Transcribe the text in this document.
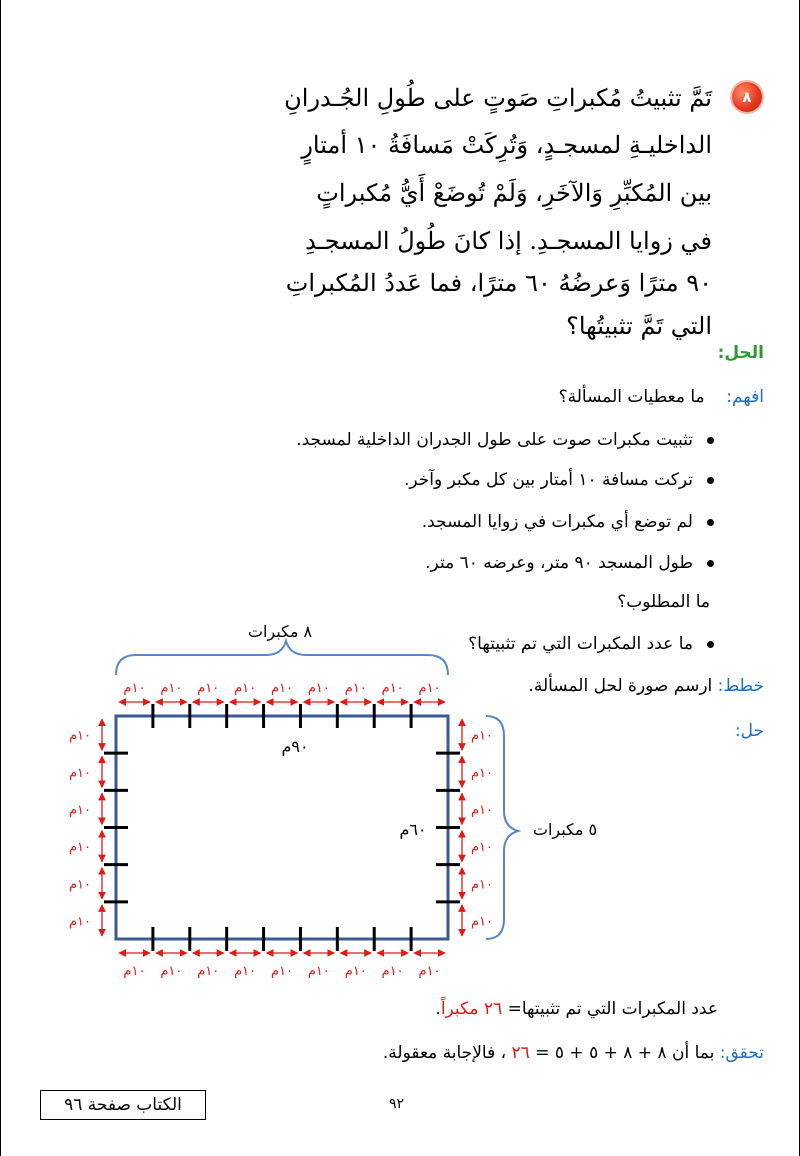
٨
تَمَّ تثبيتُ مُكبراتِ صَوتٍ على طُولِ الجُـدرانِ
الداخليـةِ لمسجـدٍ، وَتُرِكَتْ مَسافَةُ ١٠ أمتارٍ
بين المُكبِّرِ وَالآخَرِ، وَلَمْ تُوضَعْ أَيُّ مُكبراتٍ
في زوايا المسجـدِ. إذا كانَ طُولُ المسجـدِ
٩٠ مترًا وَعرضُهُ ٦٠ مترًا، فما عَددُ المُكبراتِ
التي تَمَّ تثبيتُها؟
الحل:
افهم:    ما معطيات المسألة؟
تثبيت مكبرات صوت على طول الجدران الداخلية لمسجد.
تركت مسافة ١٠ أمتار بين كل مكبر وآخر.
لم توضع أي مكبرات في زوايا المسجد.
طول المسجد ٩٠ متر، وعرضه ٦٠ متر.
ما المطلوب؟
ما عدد المكبرات التي تم تثبيتها؟
خطط: ارسم صورة لحل المسألة.
حل:
١٠م
١٠م
١٠م
١٠م
١٠م
١٠م
١٠م
١٠م
١٠م
١٠م
١٠م
١٠م
١٠م
١٠م
١٠م
١٠م
١٠م
١٠م
١٠م	١٠م
١٠م	١٠م
١٠م	١٠م
١٠م	١٠م
١٠م	١٠م
١٠م	١٠م
٨ مكبرات
٥ مكبرات
٩٠م
٦٠م
عدد المكبرات التي تم تثبيتها= ٢٦ مكبراً.
تحقق: بما أن ٨ + ٨ + ٥ + ٥ = ٢٦ ، فالإجابة معقولة.
٩٢
الكتاب صفحة ٩٦
